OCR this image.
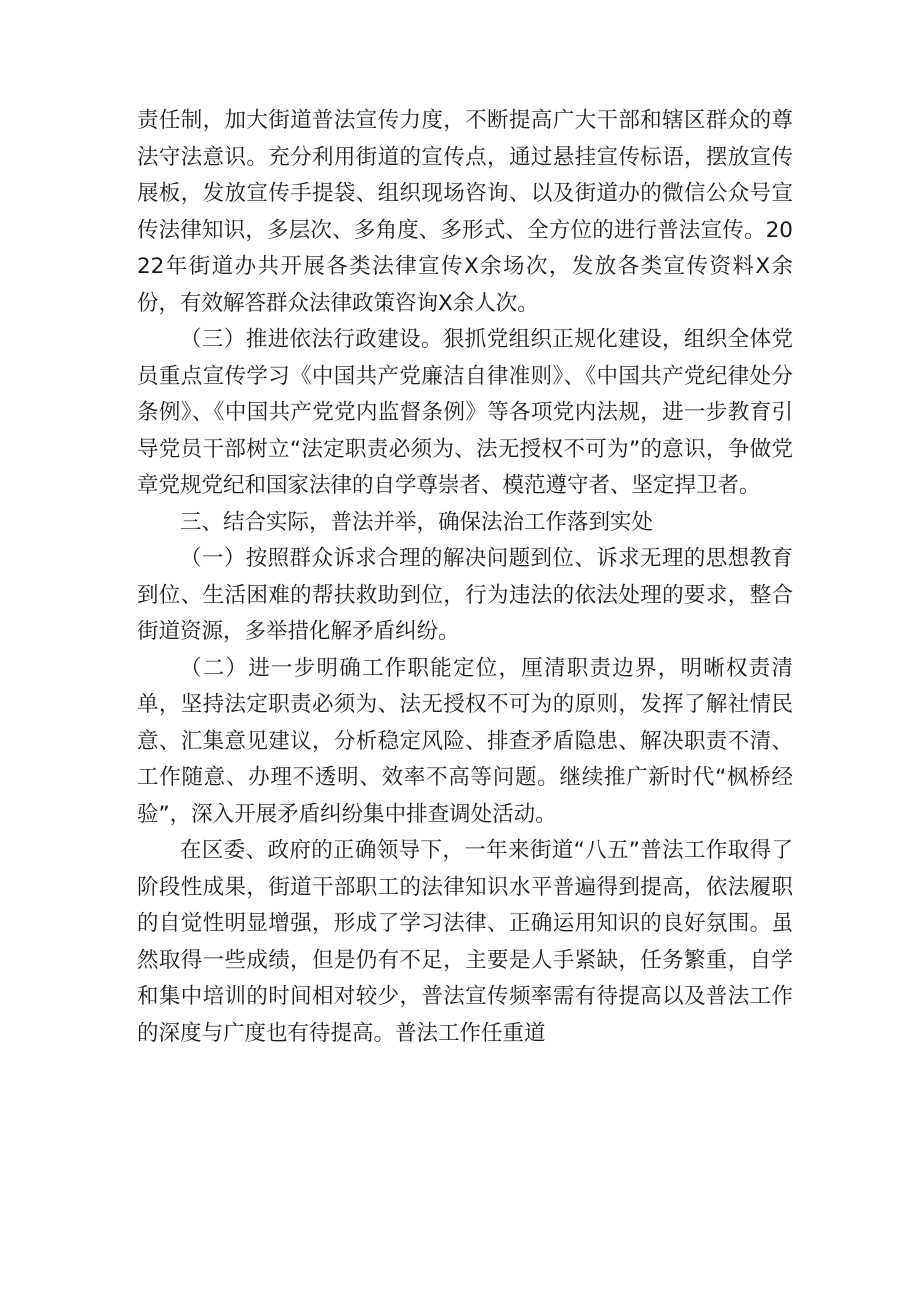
责任制，加大街道普法宣传力度，不断提高广大干部和辖区群众的尊法守法意识。充分利用街道的宣传点，通过悬挂宣传标语，摆放宣传展板，发放宣传手提袋、组织现场咨询、以及街道办的微信公众号宣传法律知识，多层次、多角度、多形式、全方位的进行普法宣传。2022年街道办共开展各类法律宣传X余场次，发放各类宣传资料X余份，有效解答群众法律政策咨询X余人次。

（三）推进依法行政建设。狠抓党组织正规化建设，组织全体党员重点宣传学习《中国共产党廉洁自律准则》、《中国共产党纪律处分条例》、《中国共产党党内监督条例》等各项党内法规，进一步教育引导党员干部树立“法定职责必须为、法无授权不可为”的意识，争做党章党规党纪和国家法律的自学尊崇者、模范遵守者、坚定捍卫者。

三、结合实际，普法并举，确保法治工作落到实处

（一）按照群众诉求合理的解决问题到位、诉求无理的思想教育到位、生活困难的帮扶救助到位，行为违法的依法处理的要求，整合街道资源，多举措化解矛盾纠纷。

（二）进一步明确工作职能定位，厘清职责边界，明晰权责清单，坚持法定职责必须为、法无授权不可为的原则，发挥了解社情民意、汇集意见建议，分析稳定风险、排查矛盾隐患、解决职责不清、工作随意、办理不透明、效率不高等问题。继续推广新时代“枫桥经验”，深入开展矛盾纠纷集中排查调处活动。

在区委、政府的正确领导下，一年来街道“八五”普法工作取得了阶段性成果，街道干部职工的法律知识水平普遍得到提高，依法履职的自觉性明显增强，形成了学习法律、正确运用知识的良好氛围。虽然取得一些成绩，但是仍有不足，主要是人手紧缺，任务繁重，自学和集中培训的时间相对较少，普法宣传频率需有待提高以及普法工作的深度与广度也有待提高。普法工作任重道
